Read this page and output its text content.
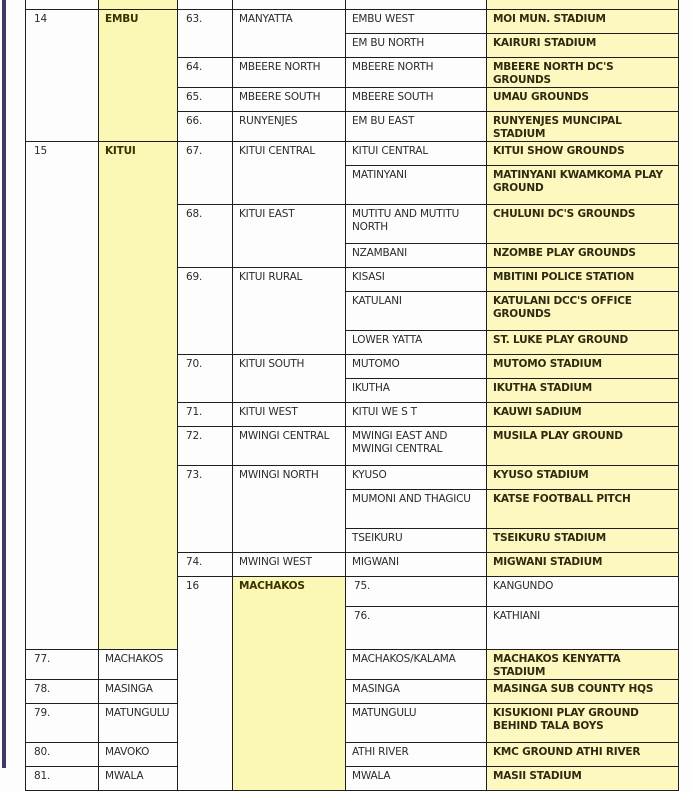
14	EMBU	63.	MANYATTA	EMBU WEST	MOI MUN. STADIUM
EM BU NORTH	KAIRURI STADIUM
64.	MBEERE NORTH	MBEERE NORTH	MBEERE NORTH DC'S GROUNDS
65.	MBEERE SOUTH	MBEERE SOUTH	UMAU GROUNDS
66.	RUNYENJES	EM BU EAST	RUNYENJES MUNCIPAL STADIUM
15	KITUI	67.	KITUI CENTRAL	KITUI CENTRAL	KITUI SHOW GROUNDS
MATINYANI	MATINYANI KWAMKOMA PLAY GROUND
68.	KITUI EAST	MUTITU AND MUTITU NORTH	CHULUNI DC'S GROUNDS
NZAMBANI	NZOMBE PLAY GROUNDS
69.	KITUI RURAL	KISASI	MBITINI POLICE STATION
KATULANI	KATULANI DCC'S OFFICE GROUNDS
LOWER YATTA	ST. LUKE PLAY GROUND
70.	KITUI SOUTH	MUTOMO	MUTOMO STADIUM
IKUTHA	IKUTHA STADIUM
71.	KITUI WEST	KITUI WE S T	KAUWI SADIUM
72.	MWINGI CENTRAL	MWINGI EAST AND MWINGI CENTRAL	MUSILA PLAY GROUND
73.	MWINGI NORTH	KYUSO	KYUSO STADIUM
MUMONI AND THAGICU	KATSE FOOTBALL PITCH
TSEIKURU	TSEIKURU STADIUM
74.	MWINGI WEST	MIGWANI	MIGWANI STADIUM
16	MACHAKOS	75.	KANGUNDO		
76.	KATHIANI		
77.	MACHAKOS	MACHAKOS/KALAMA	MACHAKOS KENYATTA STADIUM
78.	MASINGA	MASINGA	MASINGA SUB COUNTY HQS
79.	MATUNGULU	MATUNGULU	KISUKIONI PLAY GROUND BEHIND TALA BOYS
80.	MAVOKO	ATHI RIVER	KMC GROUND ATHI RIVER
81.	MWALA	MWALA	MASII STADIUM
